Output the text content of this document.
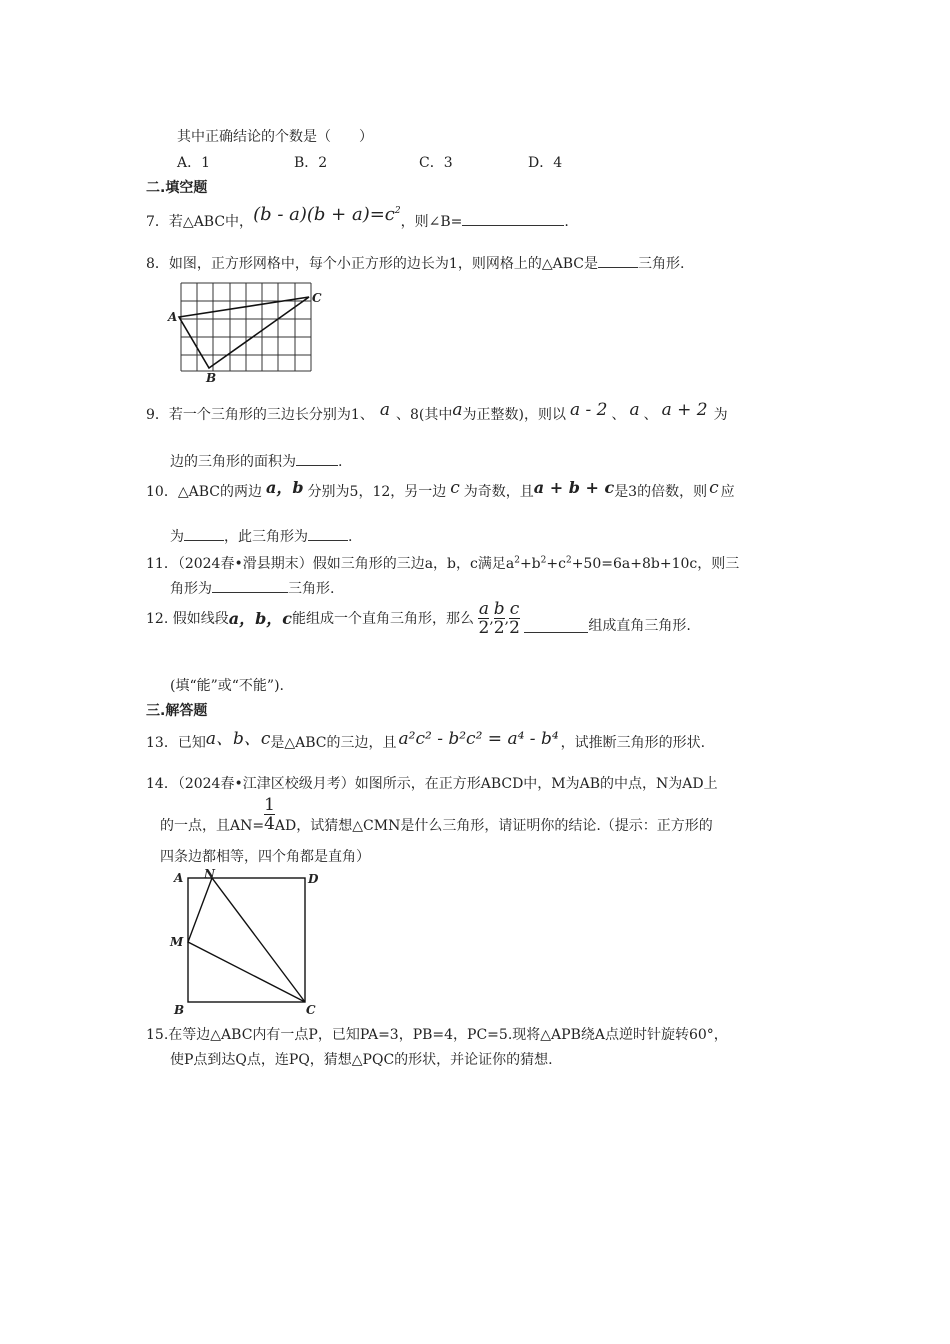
其中正确结论的个数是（　　）
A．1	B．2	C．3	D．4
二.填空题
7．若△ABC中，$(b - a)(b + a)=c^2$，则∠B=	.
8．如图，正方形网格中，每个小正方形的边长为1，则网格上的△ABC是	三角形.
A
C
B
9．若一个三角形的三边长分别为1、 a 、8(其中a为正整数)，则以 a - 2 、 a 、 a + 2 为
边的三角形的面积为	.
10．△ABC的两边 a，b 分别为5，12，另一边 c 为奇数，且a + b + c是3的倍数，则 c 应
为	，此三角形为	.
11．（2024春•滑县期末）假如三角形的三边a，b，c满足$a^2+b^2+c^2+50=6a+8b+10c$，则三
角形为	三角形.
12. 假如线段a，b，c能组成一个直角三角形，那么 $\frac{a}{2}$ , $\frac{b}{2}$ , $\frac{c}{2}$	组成直角三角形.
(填“能”或“不能”).
三.解答题
13．已知a、b、c是△ABC的三边，且 a²c² - b²c² = a⁴ - b⁴ ，试推断三角形的形状.
14．（2024春•江津区校级月考）如图所示，在正方形ABCD中，M为AB的中点，N为AD上
的一点，且$AN= \frac{1}{4}$ AD，试猜想△CMN是什么三角形，请证明你的结论.（提示：正方形的
四条边都相等，四个角都是直角）
A N	D
M
B	C
15.在等边△ABC内有一点P，已知PA=3，PB=4，PC=5.现将△APB绕A点逆时针旋转60°，
使P点到达Q点，连PQ，猜想△PQC的形状，并论证你的猜想.
